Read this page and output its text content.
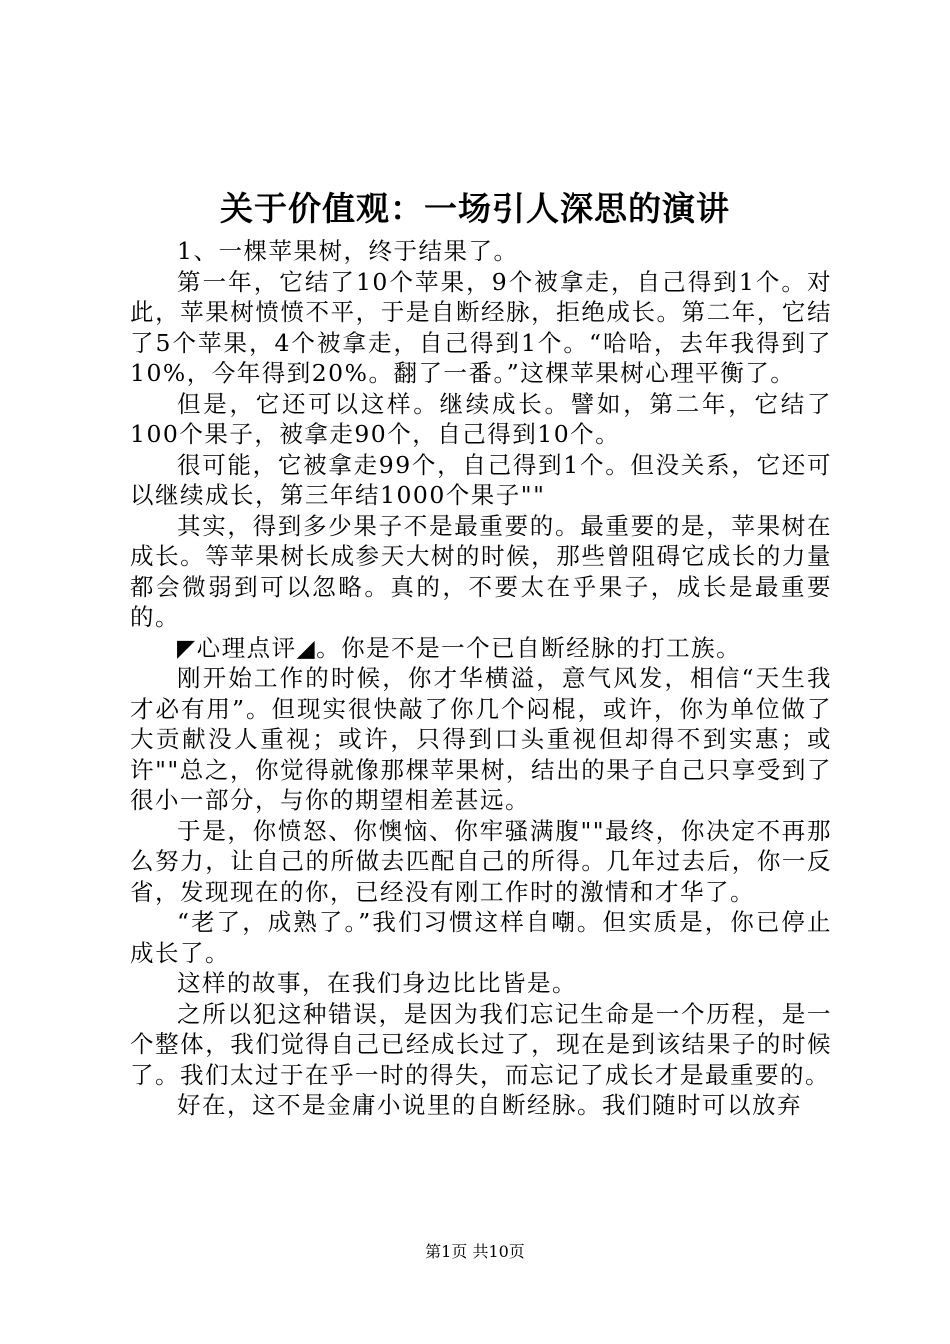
关于价值观：一场引人深思的演讲

1、一棵苹果树，终于结果了。

第一年，它结了10个苹果，9个被拿走，自己得到1个。对此，苹果树愤愤不平，于是自断经脉，拒绝成长。第二年，它结了5个苹果，4个被拿走，自己得到1个。“哈哈，去年我得到了10%，今年得到20%。翻了一番。”这棵苹果树心理平衡了。

但是，它还可以这样。继续成长。譬如，第二年，它结了100个果子，被拿走90个，自己得到10个。

很可能，它被拿走99个，自己得到1个。但没关系，它还可以继续成长，第三年结1000个果子""

其实，得到多少果子不是最重要的。最重要的是，苹果树在成长。等苹果树长成参天大树的时候，那些曾阻碍它成长的力量都会微弱到可以忽略。真的，不要太在乎果子，成长是最重要的。

◤心理点评◢。你是不是一个已自断经脉的打工族。

刚开始工作的时候，你才华横溢，意气风发，相信“天生我才必有用”。但现实很快敲了你几个闷棍，或许，你为单位做了大贡献没人重视；或许，只得到口头重视但却得不到实惠；或许""总之，你觉得就像那棵苹果树，结出的果子自己只享受到了很小一部分，与你的期望相差甚远。

于是，你愤怒、你懊恼、你牢骚满腹""最终，你决定不再那么努力，让自己的所做去匹配自己的所得。几年过去后，你一反省，发现现在的你，已经没有刚工作时的激情和才华了。

“老了，成熟了。”我们习惯这样自嘲。但实质是，你已停止成长了。

这样的故事，在我们身边比比皆是。

之所以犯这种错误，是因为我们忘记生命是一个历程，是一个整体，我们觉得自己已经成长过了，现在是到该结果子的时候了。我们太过于在乎一时的得失，而忘记了成长才是最重要的。

好在，这不是金庸小说里的自断经脉。我们随时可以放弃

第1页 共10页
